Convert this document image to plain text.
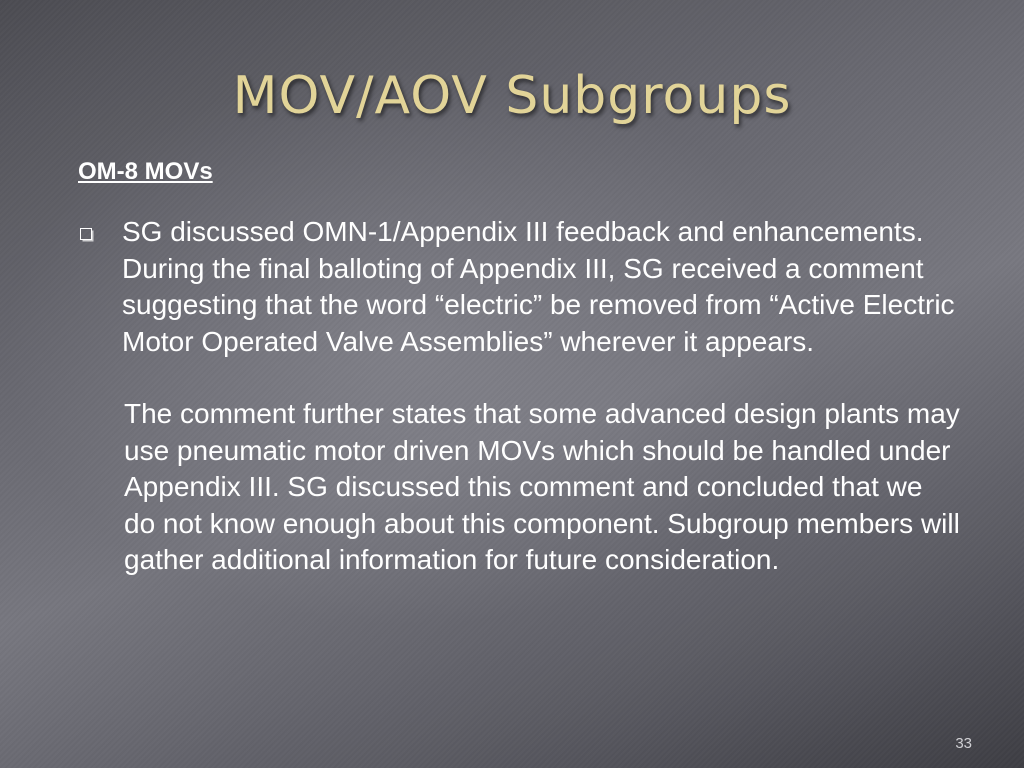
MOV/AOV Subgroups

OM-8 MOVs

SG discussed OMN-1/Appendix III feedback and enhancements. During the final balloting of Appendix III, SG received a comment suggesting that the word “electric” be removed from “Active Electric Motor Operated Valve Assemblies” wherever it appears.

The comment further states that some advanced design plants may use pneumatic motor driven MOVs which should be handled under Appendix III. SG discussed this comment and concluded that we do not know enough about this component. Subgroup members will gather additional information for future consideration.

33
